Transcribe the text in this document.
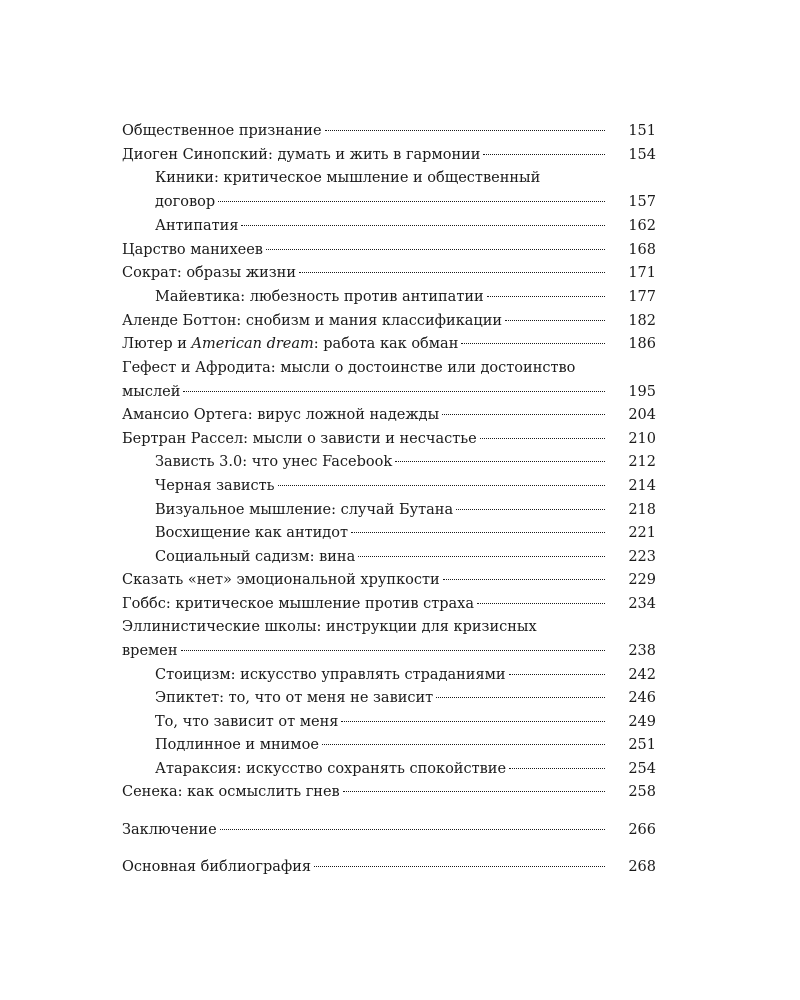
Общественное признание	151
Диоген Синопский: думать и жить в гармонии	154
Киники: критическое мышление и общественный
договор	157
Антипатия	162
Царство манихеев	168
Сократ: образы жизни	171
Майевтика: любезность против антипатии	177
Аленде Боттон: снобизм и мания классификации	182
Лютер и American dream: работа как обман	186
Гефест и Афродита: мысли о достоинстве или достоинство
мыслей	195
Амансио Ортега: вирус ложной надежды	204
Бертран Рассел: мысли о зависти и несчастье	210
Зависть 3.0: что унес Facebook	212
Черная зависть	214
Визуальное мышление: случай Бутана	218
Восхищение как антидот	221
Социальный садизм: вина	223
Сказать «нет» эмоциональной хрупкости	229
Гоббс: критическое мышление против страха	234
Эллинистические школы: инструкции для кризисных
времен	238
Стоицизм: искусство управлять страданиями	242
Эпиктет: то, что от меня не зависит	246
То, что зависит от меня	249
Подлинное и мнимое	251
Атараксия: искусство сохранять спокойствие	254
Сенека: как осмыслить гнев	258
Заключение	266
Основная библиография	268
